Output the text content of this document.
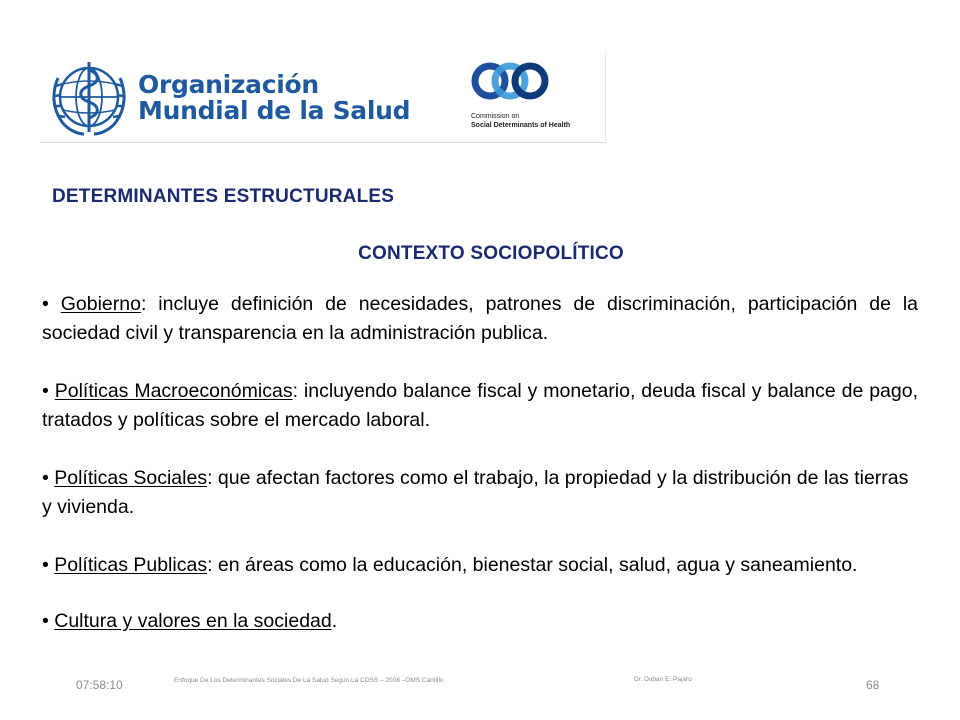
Organización
Mundial de la Salud	Commission on
Social Determinants of Health
DETERMINANTES ESTRUCTURALES
CONTEXTO SOCIOPOLÍTICO
• Gobierno: incluye definición de necesidades, patrones de discriminación, participación de la sociedad civil y transparencia en la administración publica.
• Políticas Macroeconómicas: incluyendo balance fiscal y monetario, deuda fiscal y balance de pago, tratados y políticas sobre el mercado laboral.
• Políticas Sociales: que afectan factores como el trabajo, la propiedad y la distribución de las tierras y vivienda.
• Políticas Publicas: en áreas como la educación, bienestar social, salud, agua y saneamiento.
• Cultura y valores en la sociedad.
07:58:10	Enfoque De Los Determinantes Sociales De La Salud Según La CDSS – 2008 –OMS Cantillo	Dr. Duban E. Pajaro	68
